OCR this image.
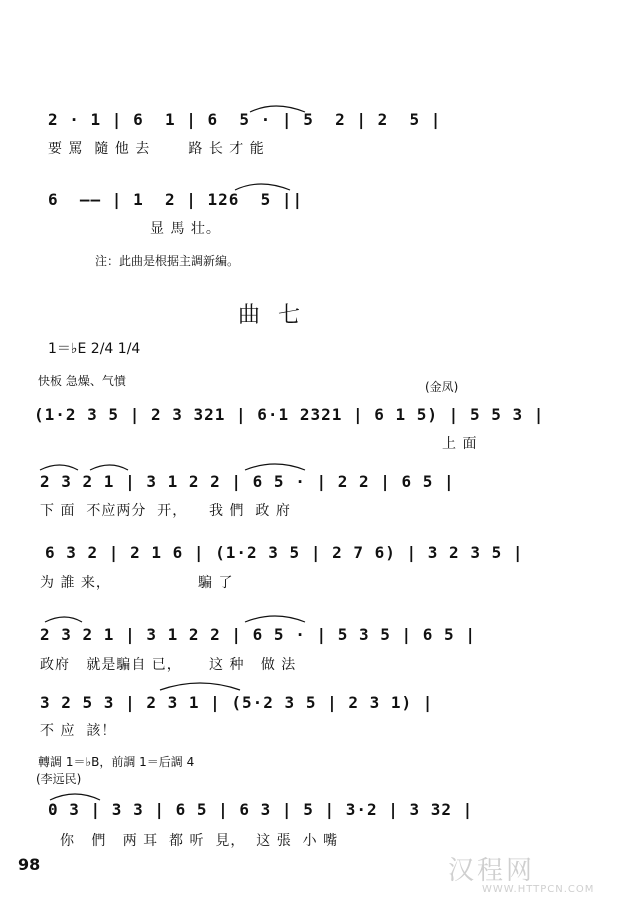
2 · 1 | 6  1 | 6  5 · | 5  2 | 2  5 |
要 罵  隨 他 去       路 长 才 能
6  —— | 1  2 | 126  5 ||
显 馬 壮。
注：此曲是根据主調新編。
曲七
1＝♭E 2/4 1/4
快板 急燥、气憤	(金凤)
(1·2 3 5 | 2 3 321 | 6·1 2321 | 6 1 5) | 5 5 3 |
上 面
2 3 2 1 | 3 1 2 2 | 6 5 · | 2 2 | 6 5 |
下 面  不应两分  开，    我 們  政 府
6 3 2 | 2 1 6 | (1·2 3 5 | 2 7 6) | 3 2 3 5 |
为 誰 来，                騙 了
2 3 2 1 | 3 1 2 2 | 6 5 · | 5 3 5 | 6 5 |
政府   就是騙自 已，     这 种   做 法
3 2 5 3 | 2 3 1 | (5·2 3 5 | 2 3 1) |
不 应  該！
轉調 1＝♭B，前調 1＝后調 4
(李远民)
0 3 | 3 3 | 6 5 | 6 3 | 5 | 3·2 | 3 32 |
你   們   两 耳  都 听  見，  这 張  小 嘴
98	汉程网
WWW.HTTPCN.COM
